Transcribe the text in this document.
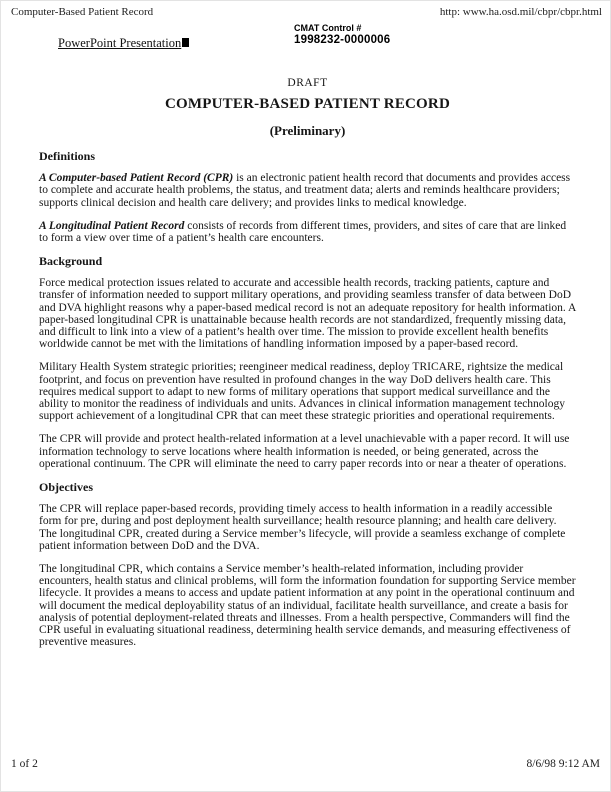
Computer-Based Patient Record	http: www.ha.osd.mil/cbpr/cbpr.html
PowerPoint Presentation
CMAT Control #
1998232-0000006

DRAFT

COMPUTER-BASED PATIENT RECORD
(Preliminary)
Definitions

A Computer-based Patient Record (CPR) is an electronic patient health record that documents and provides access to complete and accurate health problems, the status, and treatment data; alerts and reminds healthcare providers; supports clinical decision and health care delivery; and provides links to medical knowledge.

A Longitudinal Patient Record consists of records from different times, providers, and sites of care that are linked to form a view over time of a patient’s health care encounters.

Background

Force medical protection issues related to accurate and accessible health records, tracking patients, capture and transfer of information needed to support military operations, and providing seamless transfer of data between DoD and DVA highlight reasons why a paper-based medical record is not an adequate repository for health information. A paper-based longitudinal CPR is unattainable because health records are not standardized, frequently missing data, and difficult to link into a view of a patient’s health over time. The mission to provide excellent health benefits worldwide cannot be met with the limitations of handling information imposed by a paper-based record.

Military Health System strategic priorities; reengineer medical readiness, deploy TRICARE, rightsize the medical footprint, and focus on prevention have resulted in profound changes in the way DoD delivers health care. This requires medical support to adapt to new forms of military operations that support medical surveillance and the ability to monitor the readiness of individuals and units. Advances in clinical information management technology support achievement of a longitudinal CPR that can meet these strategic priorities and operational requirements.

The CPR will provide and protect health-related information at a level unachievable with a paper record. It will use information technology to serve locations where health information is needed, or being generated, across the operational continuum. The CPR will eliminate the need to carry paper records into or near a theater of operations.

Objectives

The CPR will replace paper-based records, providing timely access to health information in a readily accessible form for pre, during and post deployment health surveillance; health resource planning; and health care delivery. The longitudinal CPR, created during a Service member’s lifecycle, will provide a seamless exchange of complete patient information between DoD and the DVA.

The longitudinal CPR, which contains a Service member’s health-related information, including provider encounters, health status and clinical problems, will form the information foundation for supporting Service member lifecycle. It provides a means to access and update patient information at any point in the operational continuum and will document the medical deployability status of an individual, facilitate health surveillance, and create a basis for analysis of potential deployment-related threats and illnesses. From a health perspective, Commanders will find the CPR useful in evaluating situational readiness, determining health service demands, and measuring effectiveness of preventive measures.

1 of 2	8/6/98 9:12 AM
